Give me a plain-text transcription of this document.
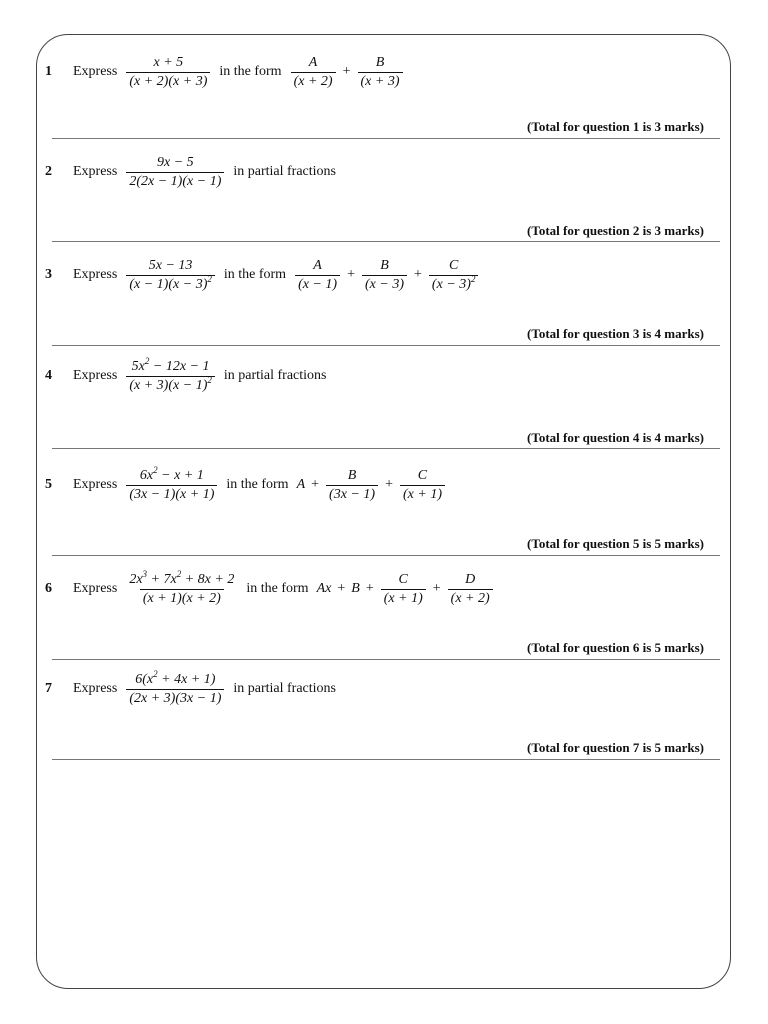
1 Express $\frac{x + 5}{(x + 2)(x + 3)}$ in the form $\frac{A}{(x + 2)} + \frac{B}{(x + 3)}$
(Total for question 1 is 3 marks)
2 Express $\frac{9x - 5}{2(2x - 1)(x - 1)}$ in partial fractions
(Total for question 2 is 3 marks)
3 Express $\frac{5x - 13}{(x - 1)(x - 3)^2}$ in the form $\frac{A}{(x - 1)} + \frac{B}{(x - 3)} + \frac{C}{(x - 3)^2}$
(Total for question 3 is 4 marks)
4 Express $\frac{5x^2 - 12x - 1}{(x + 3)(x - 1)^2}$ in partial fractions
(Total for question 4 is 4 marks)
5 Express $\frac{6x^2 - x + 1}{(3x - 1)(x + 1)}$ in the form $A + \frac{B}{(3x - 1)} + \frac{C}{(x + 1)}$
(Total for question 5 is 5 marks)
6 Express $\frac{2x^3 + 7x^2 + 8x + 2}{(x + 1)(x + 2)}$ in the form $Ax + B + \frac{C}{(x + 1)} + \frac{D}{(x + 2)}$
(Total for question 6 is 5 marks)
7 Express $\frac{6(x^2 + 4x + 1)}{(2x + 3)(3x - 1)}$ in partial fractions
(Total for question 7 is 5 marks)
